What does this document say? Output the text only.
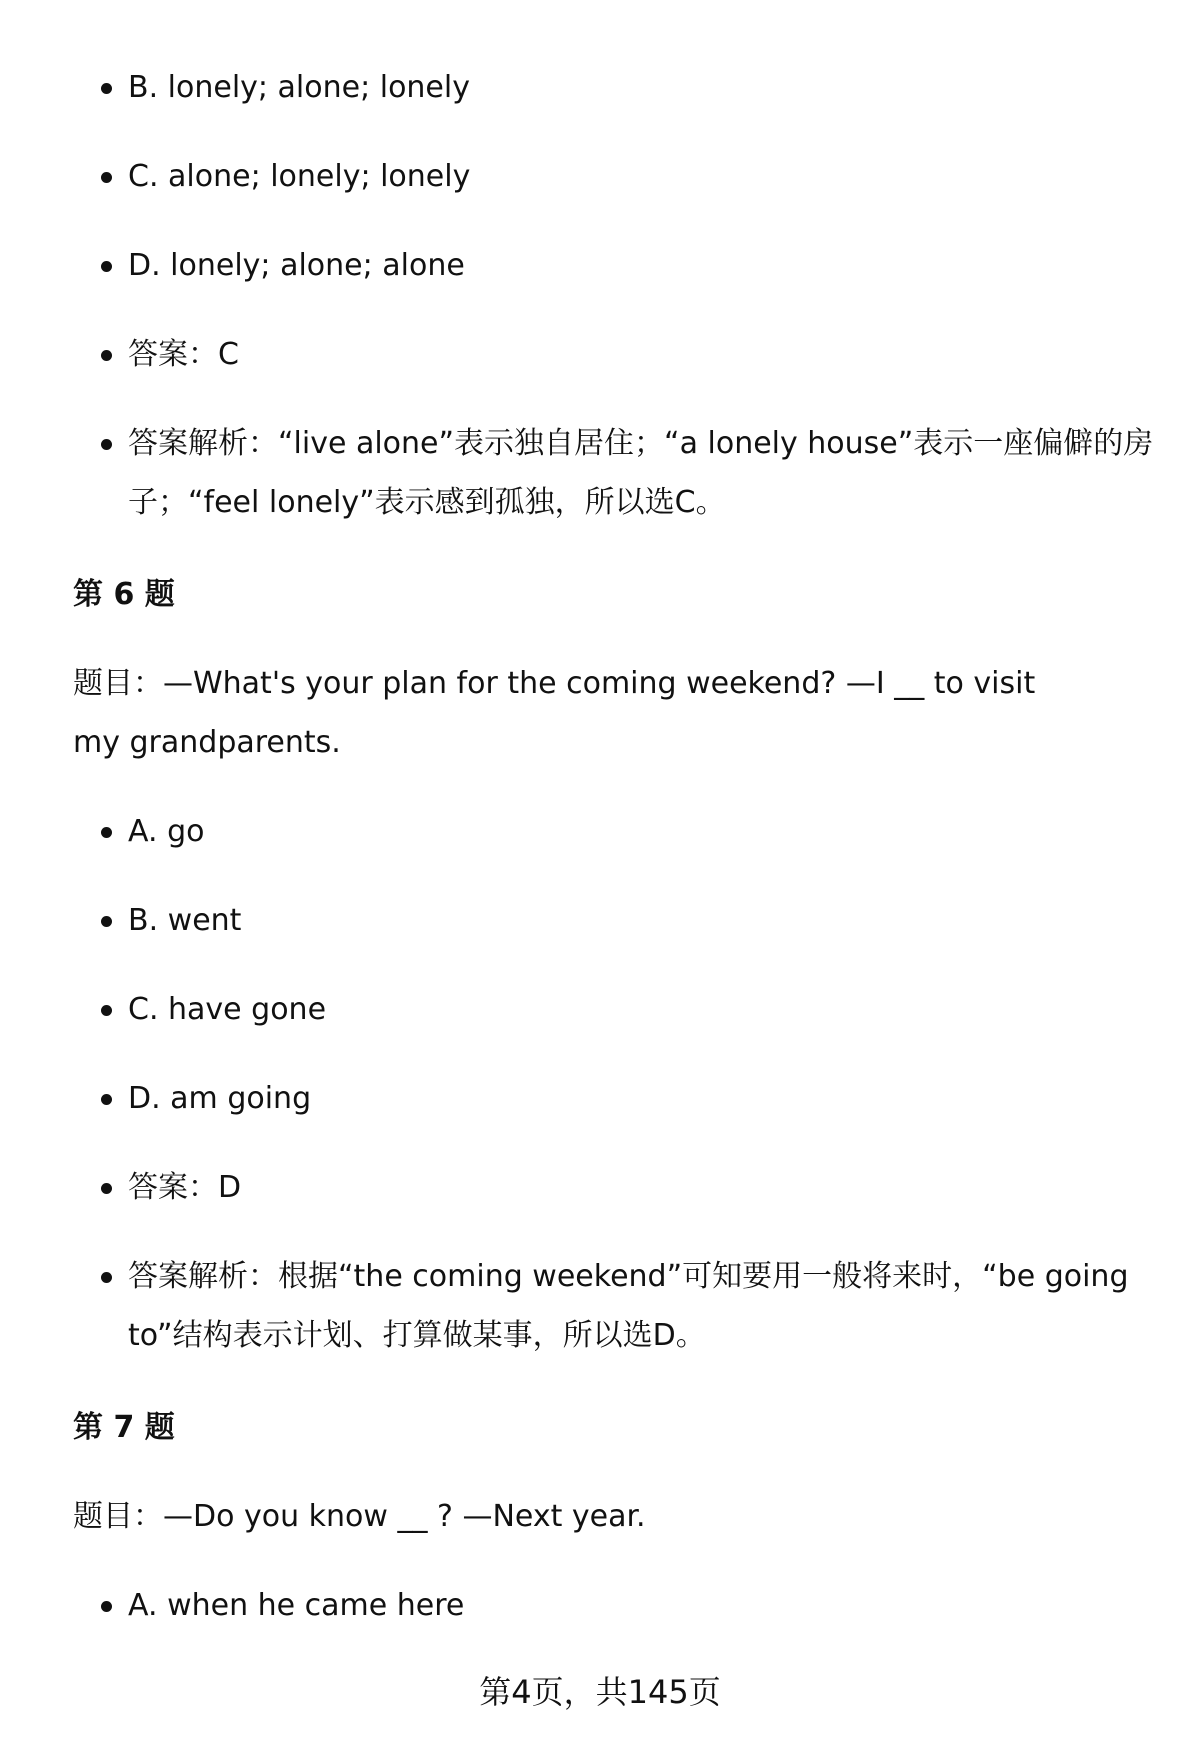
B. lonely; alone; lonely
C. alone; lonely; lonely
D. lonely; alone; alone
答案：C
答案解析：“live alone”表示独自居住；“a lonely house”表示一座偏僻的房子；“feel lonely”表示感到孤独，所以选C。
第 6 题
题目：—What's your plan for the coming weekend? —I __ to visit my grandparents.
A. go
B. went
C. have gone
D. am going
答案：D
答案解析：根据“the coming weekend”可知要用一般将来时，“be going to”结构表示计划、打算做某事，所以选D。
第 7 题
题目：—Do you know __ ? —Next year.
A. when he came here
第4页，共145页
